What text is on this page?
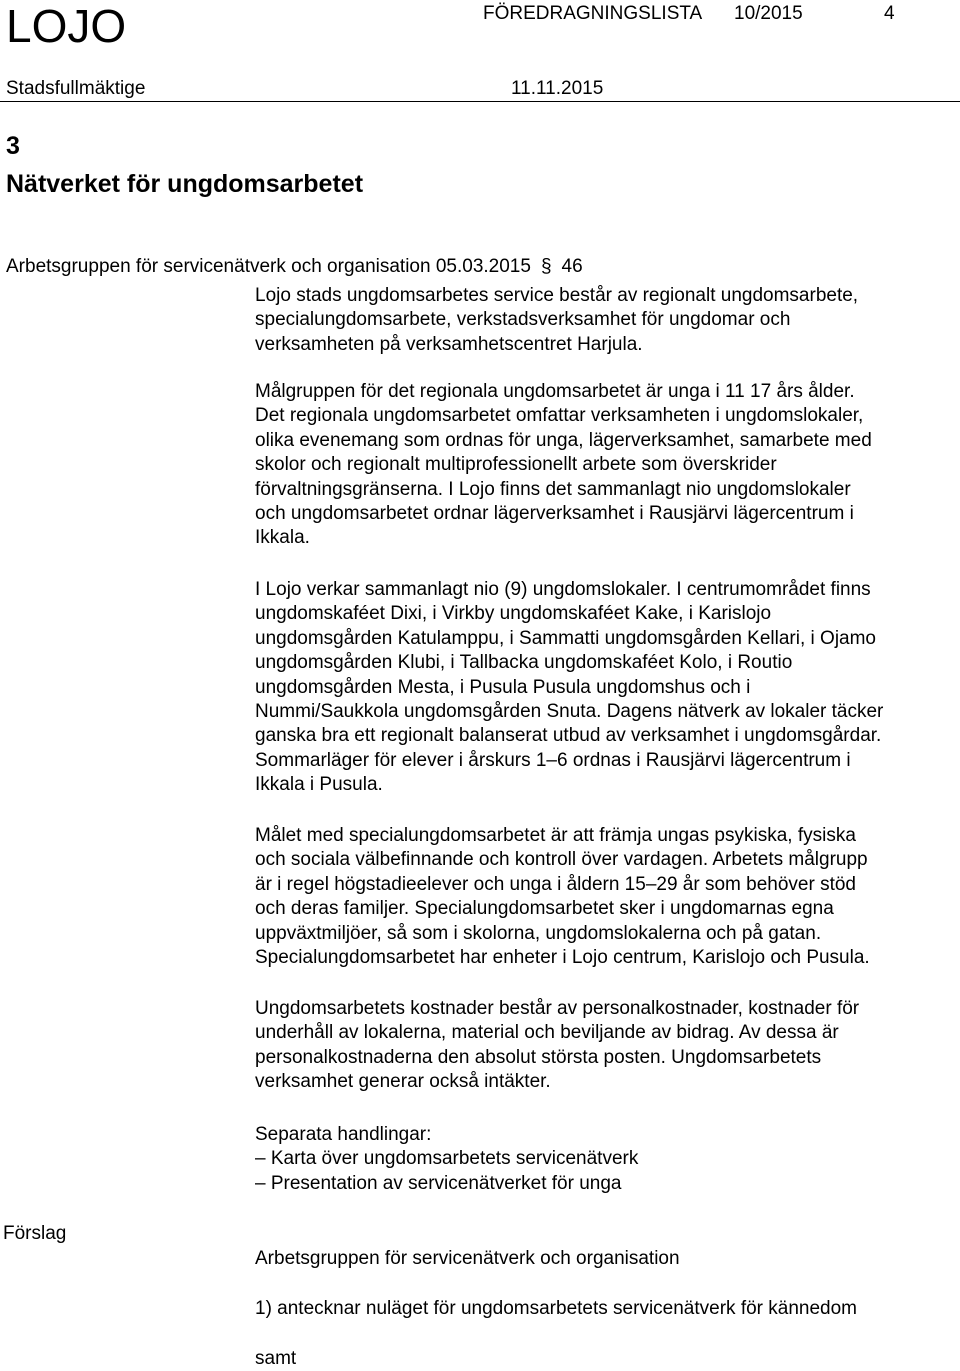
LOJO	FÖREDRAGNINGSLISTA 10/2015	4
Stadsfullmäktige	11.11.2015
3
Nätverket för ungdomsarbetet
Arbetsgruppen för servicenätverk och organisation 05.03.2015 § 46
Lojo stads ungdomsarbetes service består av regionalt ungdomsarbete,
specialungdomsarbete, verkstadsverksamhet för ungdomar och
verksamheten på verksamhetscentret Harjula.
Målgruppen för det regionala ungdomsarbetet är unga i 11 17 års ålder.
Det regionala ungdomsarbetet omfattar verksamheten i ungdomslokaler,
olika evenemang som ordnas för unga, lägerverksamhet, samarbete med
skolor och regionalt multiprofessionellt arbete som överskrider
förvaltningsgränserna. I Lojo finns det sammanlagt nio ungdomslokaler
och ungdomsarbetet ordnar lägerverksamhet i Rausjärvi lägercentrum i
Ikkala.
I Lojo verkar sammanlagt nio (9) ungdomslokaler. I centrumområdet finns
ungdomskaféet Dixi, i Virkby ungdomskaféet Kake, i Karislojo
ungdomsgården Katulamppu, i Sammatti ungdomsgården Kellari, i Ojamo
ungdomsgården Klubi, i Tallbacka ungdomskaféet Kolo, i Routio
ungdomsgården Mesta, i Pusula Pusula ungdomshus och i
Nummi/Saukkola ungdomsgården Snuta. Dagens nätverk av lokaler täcker
ganska bra ett regionalt balanserat utbud av verksamhet i ungdomsgårdar.
Sommarläger för elever i årskurs 1–6 ordnas i Rausjärvi lägercentrum i
Ikkala i Pusula.
Målet med specialungdomsarbetet är att främja ungas psykiska, fysiska
och sociala välbefinnande och kontroll över vardagen. Arbetets målgrupp
är i regel högstadieelever och unga i åldern 15–29 år som behöver stöd
och deras familjer. Specialungdomsarbetet sker i ungdomarnas egna
uppväxtmiljöer, så som i skolorna, ungdomslokalerna och på gatan.
Specialungdomsarbetet har enheter i Lojo centrum, Karislojo och Pusula.
Ungdomsarbetets kostnader består av personalkostnader, kostnader för
underhåll av lokalerna, material och beviljande av bidrag. Av dessa är
personalkostnaderna den absolut största posten. Ungdomsarbetets
verksamhet generar också intäkter.
Separata handlingar:
– Karta över ungdomsarbetets servicenätverk
– Presentation av servicenätverket för unga
Förslag
Arbetsgruppen för servicenätverk och organisation
1) antecknar nuläget för ungdomsarbetets servicenätverk för kännedom
samt
